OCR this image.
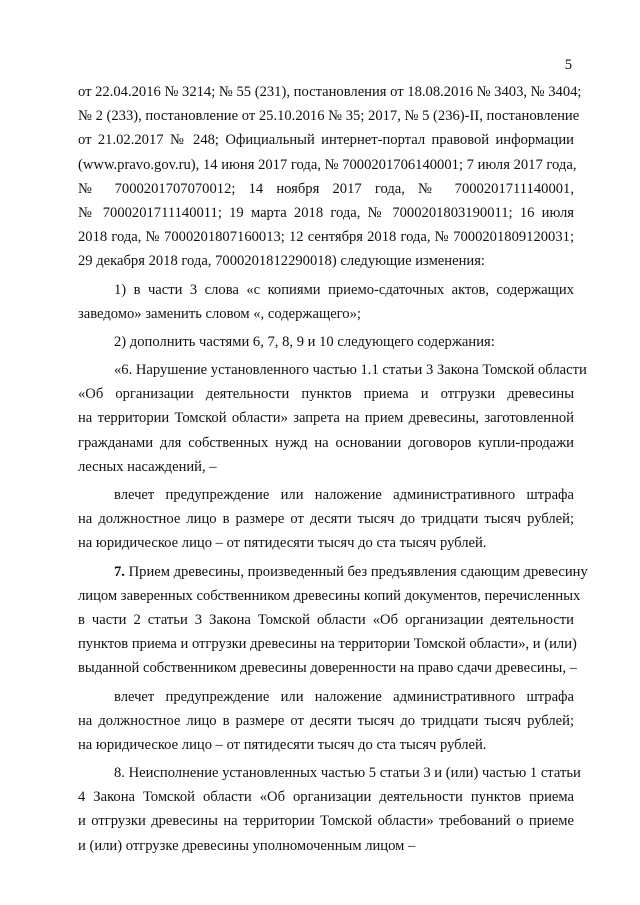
5
от 22.04.2016 № 3214; № 55 (231), постановления от 18.08.2016 № 3403, № 3404;
№ 2 (233), постановление от 25.10.2016 № 35; 2017, № 5 (236)-II, постановление
от 21.02.2017 № 248; Официальный интернет-портал правовой информации
(www.pravo.gov.ru), 14 июня 2017 года, № 7000201706140001; 7 июля 2017 года,
№ 7000201707070012; 14 ноября 2017 года, № 7000201711140001,
№ 7000201711140011; 19 марта 2018 года, № 7000201803190011; 16 июля
2018 года, № 7000201807160013; 12 сентября 2018 года, № 7000201809120031;
29 декабря 2018 года, 7000201812290018) следующие изменения:
1) в части 3 слова «с копиями приемо-сдаточных актов, содержащих
заведомо» заменить словом «, содержащего»;
2) дополнить частями 6, 7, 8, 9 и 10 следующего содержания:
«6. Нарушение установленного частью 1.1 статьи 3 Закона Томской области
«Об организации деятельности пунктов приема и отгрузки древесины
на территории Томской области» запрета на прием древесины, заготовленной
гражданами для собственных нужд на основании договоров купли-продажи
лесных насаждений, –
влечет предупреждение или наложение административного штрафа
на должностное лицо в размере от десяти тысяч до тридцати тысяч рублей;
на юридическое лицо – от пятидесяти тысяч до ста тысяч рублей.
7. Прием древесины, произведенный без предъявления сдающим древесину
лицом заверенных собственником древесины копий документов, перечисленных
в части 2 статьи 3 Закона Томской области «Об организации деятельности
пунктов приема и отгрузки древесины на территории Томской области», и (или)
выданной собственником древесины доверенности на право сдачи древесины, –
влечет предупреждение или наложение административного штрафа
на должностное лицо в размере от десяти тысяч до тридцати тысяч рублей;
на юридическое лицо – от пятидесяти тысяч до ста тысяч рублей.
8. Неисполнение установленных частью 5 статьи 3 и (или) частью 1 статьи
4 Закона Томской области «Об организации деятельности пунктов приема
и отгрузки древесины на территории Томской области» требований о приеме
и (или) отгрузке древесины уполномоченным лицом –
